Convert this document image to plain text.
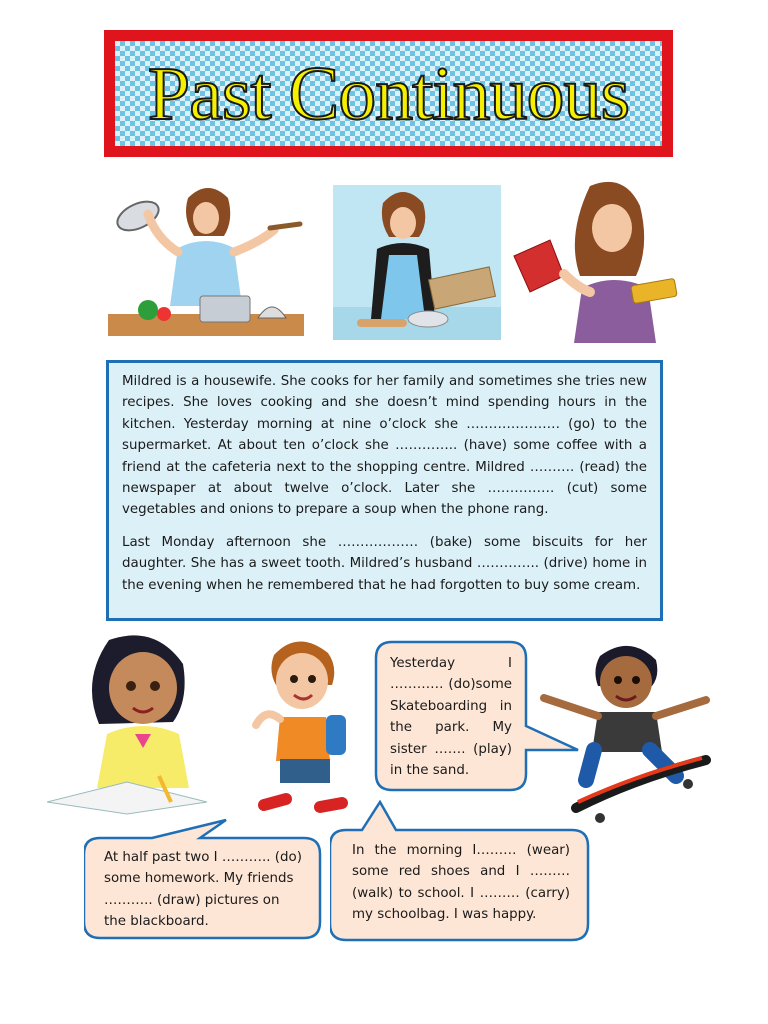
Past Continuous

Mildred is a housewife. She cooks for her family and sometimes she tries new recipes. She loves cooking and she doesn’t mind spending hours in the kitchen. Yesterday morning at nine o’clock she ………………… (go) to the supermarket. At about ten o’clock she ………….. (have) some coffee with a friend at the cafeteria next to the shopping centre. Mildred ………. (read) the newspaper at about twelve o’clock. Later she …………… (cut) some vegetables and onions to prepare a soup when the phone rang.

Last Monday afternoon she ……………… (bake) some biscuits for her daughter. She has a sweet tooth. Mildred’s husband ………….. (drive) home in the evening when he remembered that he had forgotten to buy some cream.

Yesterday I ………… (do)some Skateboarding in the park. My sister ……. (play) in the sand.
At half past two I ……….. (do) some homework. My friends ……….. (draw) pictures on the blackboard.
In the morning I……… (wear) some red shoes and I ……… (walk) to school. I ……… (carry) my schoolbag. I was happy.
